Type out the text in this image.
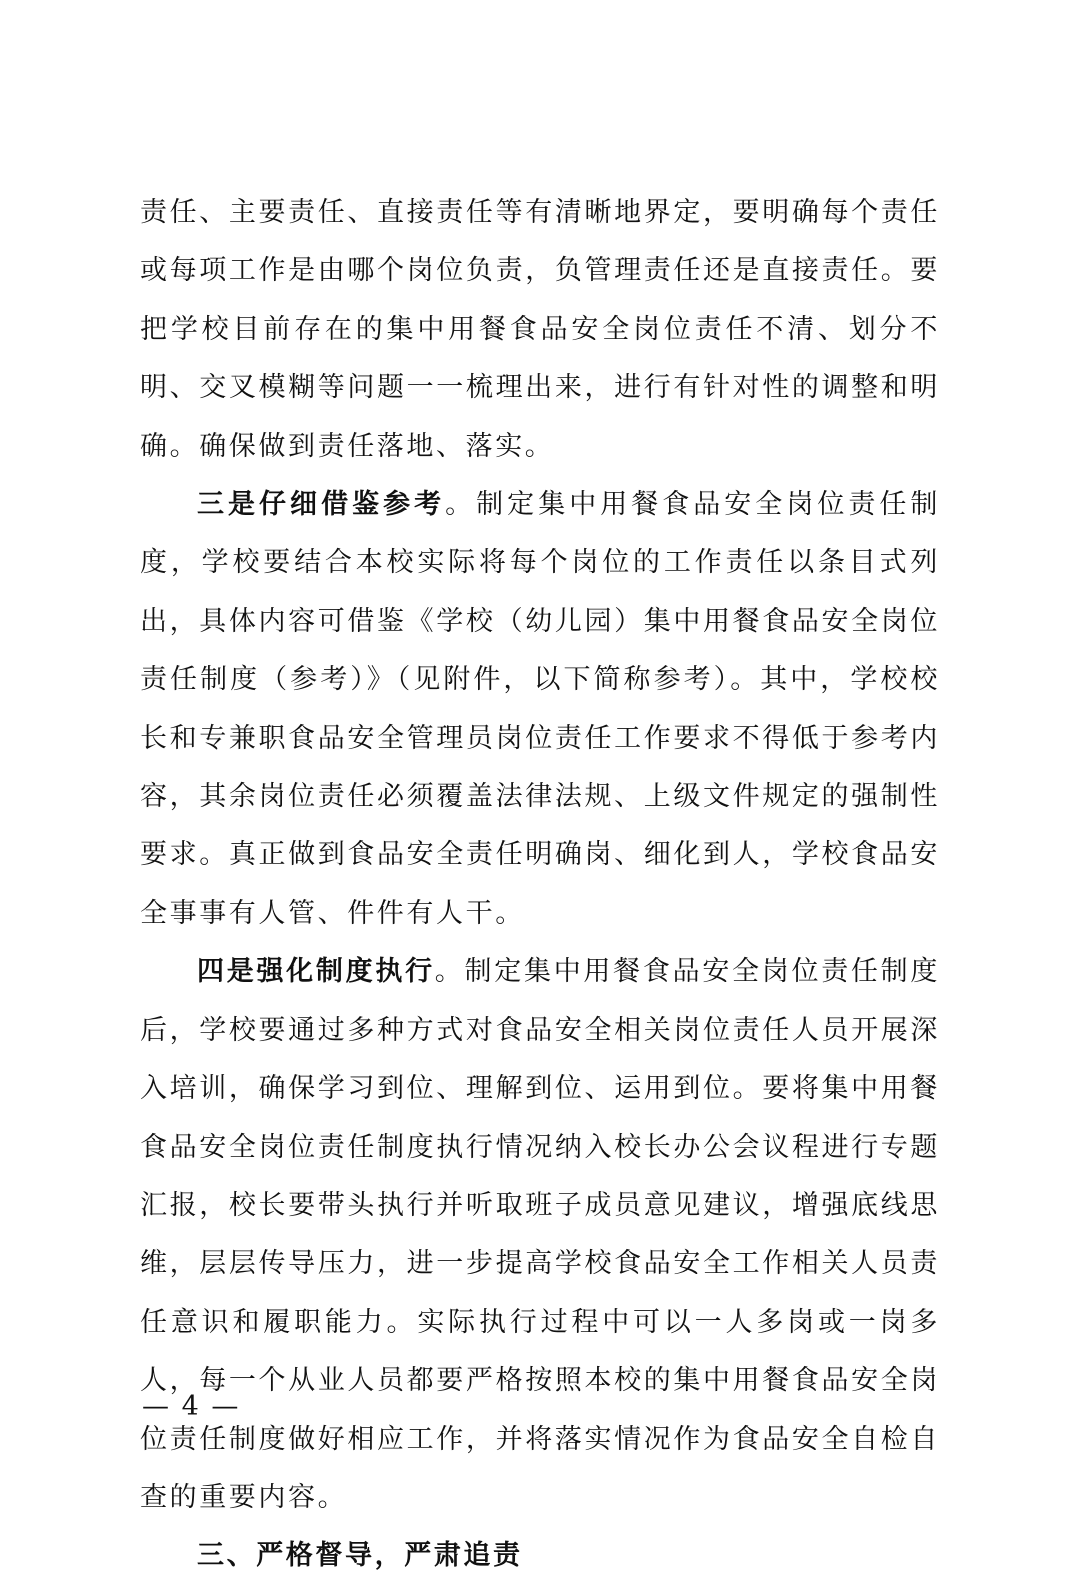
责任、主要责任、直接责任等有清晰地界定，要明确每个责任或每项工作是由哪个岗位负责，负管理责任还是直接责任。要把学校目前存在的集中用餐食品安全岗位责任不清、划分不明、交叉模糊等问题一一梳理出来，进行有针对性的调整和明确。确保做到责任落地、落实。

三是仔细借鉴参考。制定集中用餐食品安全岗位责任制度，学校要结合本校实际将每个岗位的工作责任以条目式列出，具体内容可借鉴《学校（幼儿园）集中用餐食品安全岗位责任制度（参考）》（见附件，以下简称参考）。其中，学校校长和专兼职食品安全管理员岗位责任工作要求不得低于参考内容，其余岗位责任必须覆盖法律法规、上级文件规定的强制性要求。真正做到食品安全责任明确岗、细化到人，学校食品安全事事有人管、件件有人干。

四是强化制度执行。制定集中用餐食品安全岗位责任制度后，学校要通过多种方式对食品安全相关岗位责任人员开展深入培训，确保学习到位、理解到位、运用到位。要将集中用餐食品安全岗位责任制度执行情况纳入校长办公会议程进行专题汇报，校长要带头执行并听取班子成员意见建议，增强底线思维，层层传导压力，进一步提高学校食品安全工作相关人员责任意识和履职能力。实际执行过程中可以一人多岗或一岗多人，每一个从业人员都要严格按照本校的集中用餐食品安全岗位责任制度做好相应工作，并将落实情况作为食品安全自检自查的重要内容。

三、严格督导，严肃追责

— 4 —
